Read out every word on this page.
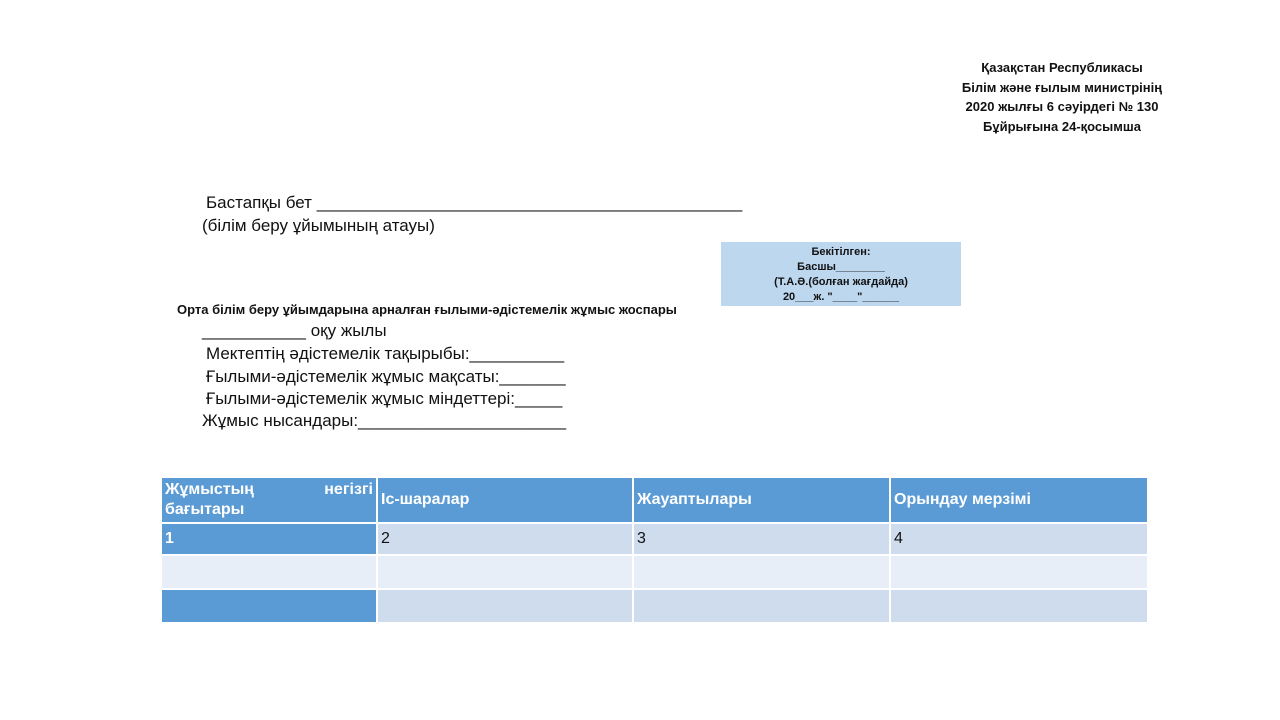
Қазақстан Республикасы
Білім және ғылым министрінің
2020 жылғы 6 сәуірдегі № 130
Бұйрығына 24-қосымша
Бастапқы бет _____________________________________________
(білім беру ұйымының атауы)
Бекітілген:
Басшы________
(Т.А.Ә.(болған жағдайда)
20___ж. "____"______
Орта білім беру ұйымдарына арналған ғылыми-әдістемелік жұмыс жоспары
___________ оқу жылы
Мектептің әдістемелік тақырыбы:__________
Ғылыми-әдістемелік жұмыс мақсаты:_______
Ғылыми-әдістемелік жұмыс міндеттері:_____
Жұмыс нысандары:______________________
Жұмыстың негізгі
бағытары	Іс-шаралар	Жауаптылары	Орындау мерзімі
1	2	3	4
